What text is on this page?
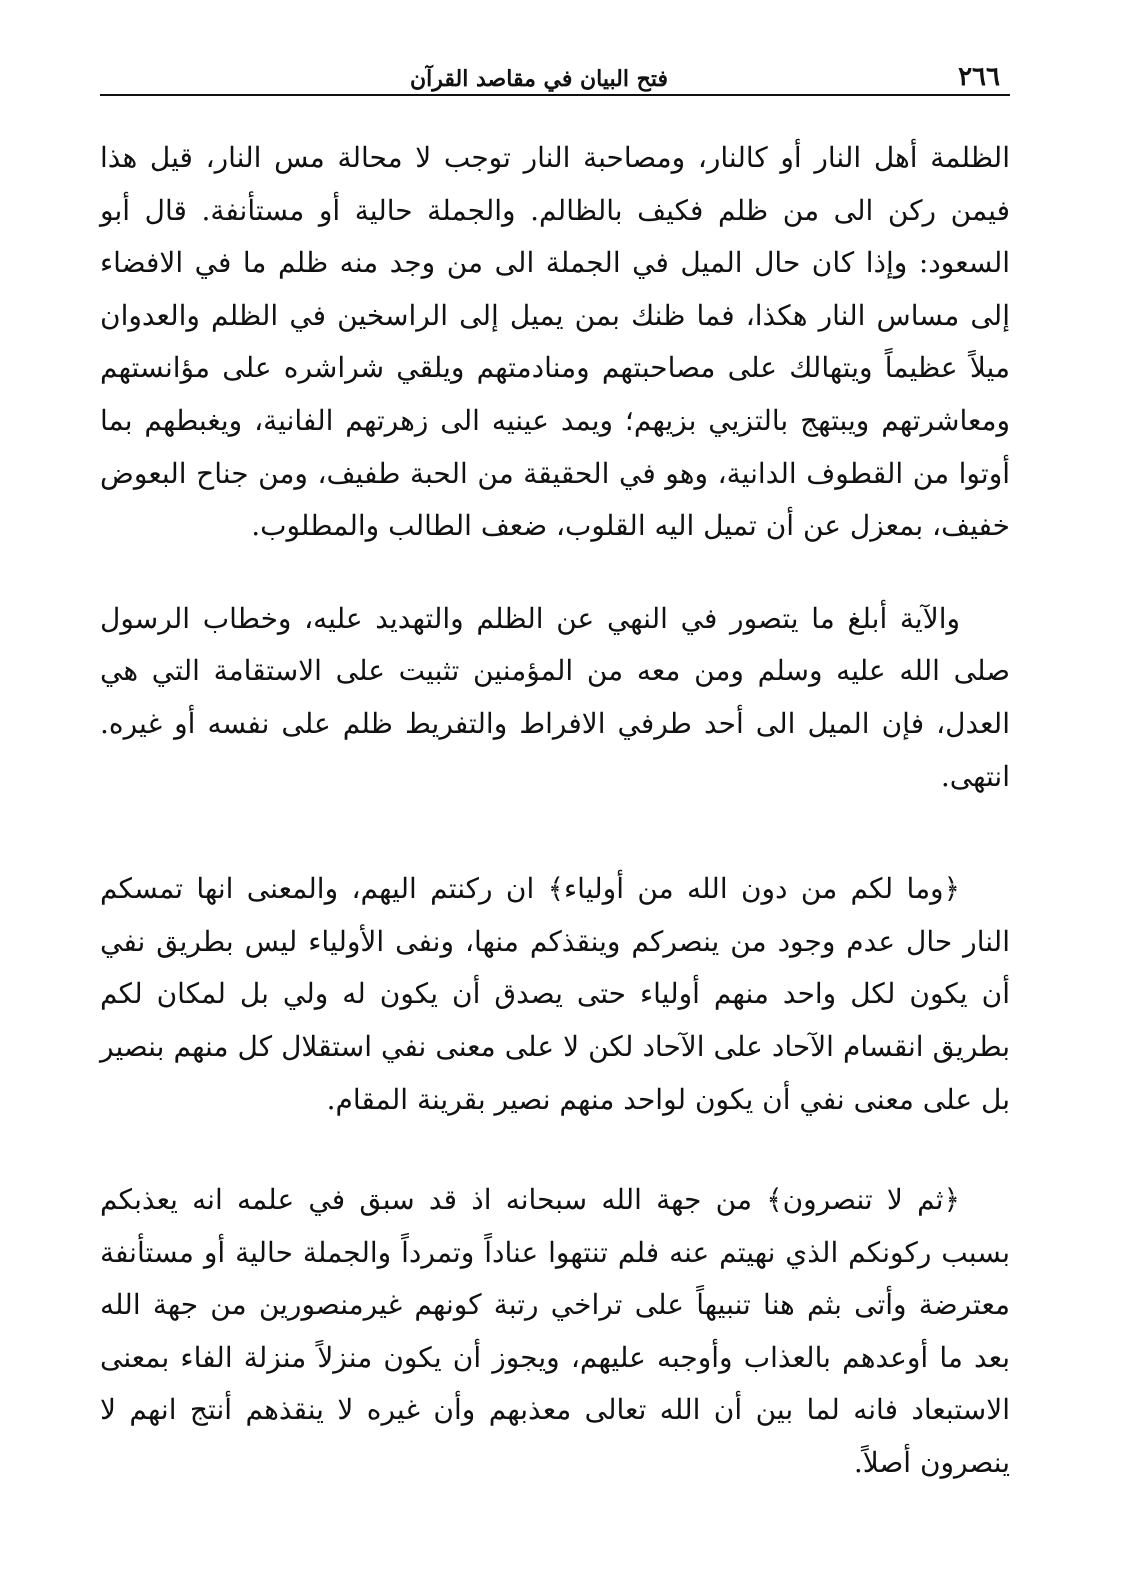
٢٦٦
فتح البيان في مقاصد القرآن

الظلمة أهل النار أو كالنار، ومصاحبة النار توجب لا محالة مس النار، قيل هذا فيمن ركن الى من ظلم فكيف بالظالم. والجملة حالية أو مستأنفة. قال أبو السعود: وإذا كان حال الميل في الجملة الى من وجد منه ظلم ما في الافضاء إلى مساس النار هكذا، فما ظنك بمن يميل إلى الراسخين في الظلم والعدوان ميلاً عظيماً ويتهالك على مصاحبتهم ومنادمتهم ويلقي شراشره على مؤانستهم ومعاشرتهم ويبتهج بالتزيي بزيهم؛ ويمد عينيه الى زهرتهم الفانية، ويغبطهم بما أوتوا من القطوف الدانية، وهو في الحقيقة من الحبة طفيف، ومن جناح البعوض خفيف، بمعزل عن أن تميل اليه القلوب، ضعف الطالب والمطلوب.

والآية أبلغ ما يتصور في النهي عن الظلم والتهديد عليه، وخطاب الرسول صلى الله عليه وسلم ومن معه من المؤمنين تثبيت على الاستقامة التي هي العدل، فإن الميل الى أحد طرفي الافراط والتفريط ظلم على نفسه أو غيره. انتهى.

﴿وما لكم من دون الله من أولياء﴾ ان ركنتم اليهم، والمعنى انها تمسكم النار حال عدم وجود من ينصركم وينقذكم منها، ونفى الأولياء ليس بطريق نفي أن يكون لكل واحد منهم أولياء حتى يصدق أن يكون له ولي بل لمكان لكم بطريق انقسام الآحاد على الآحاد لكن لا على معنى نفي استقلال كل منهم بنصير بل على معنى نفي أن يكون لواحد منهم نصير بقرينة المقام.

﴿ثم لا تنصرون﴾ من جهة الله سبحانه اذ قد سبق في علمه انه يعذبكم بسبب ركونكم الذي نهيتم عنه فلم تنتهوا عناداً وتمرداً والجملة حالية أو مستأنفة معترضة وأتى بثم هنا تنبيهاً على تراخي رتبة كونهم غيرمنصورين من جهة الله بعد ما أوعدهم بالعذاب وأوجبه عليهم، ويجوز أن يكون منزلاً منزلة الفاء بمعنى الاستبعاد فانه لما بين أن الله تعالى معذبهم وأن غيره لا ينقذهم أنتج انهم لا ينصرون أصلاً.
